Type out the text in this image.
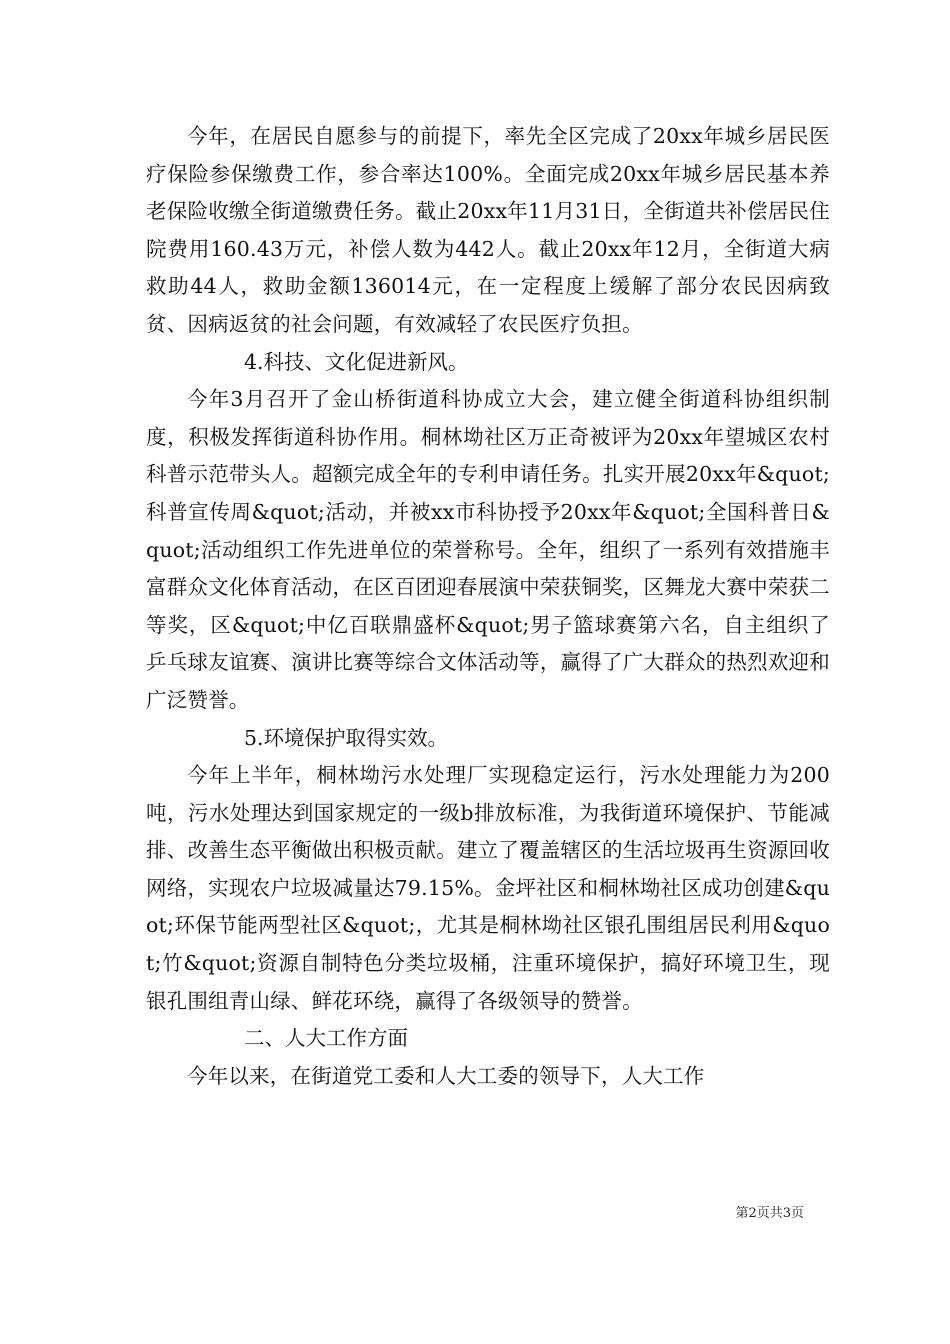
今年，在居民自愿参与的前提下，率先全区完成了20xx年城乡居民医疗保险参保缴费工作，参合率达100%。全面完成20xx年城乡居民基本养老保险收缴全街道缴费任务。截止20xx年11月31日，全街道共补偿居民住院费用160.43万元，补偿人数为442人。截止20xx年12月，全街道大病救助44人，救助金额136014元，在一定程度上缓解了部分农民因病致贫、因病返贫的社会问题，有效减轻了农民医疗负担。

4.科技、文化促进新风。

今年3月召开了金山桥街道科协成立大会，建立健全街道科协组织制度，积极发挥街道科协作用。桐林坳社区万正奇被评为20xx年望城区农村科普示范带头人。超额完成全年的专利申请任务。扎实开展20xx年&quot;科普宣传周&quot;活动，并被xx市科协授予20xx年&quot;全国科普日&quot;活动组织工作先进单位的荣誉称号。全年，组织了一系列有效措施丰富群众文化体育活动，在区百团迎春展演中荣获铜奖，区舞龙大赛中荣获二等奖，区&quot;中亿百联鼎盛杯&quot;男子篮球赛第六名，自主组织了乒乓球友谊赛、演讲比赛等综合文体活动等，赢得了广大群众的热烈欢迎和广泛赞誉。

5.环境保护取得实效。

今年上半年，桐林坳污水处理厂实现稳定运行，污水处理能力为200吨，污水处理达到国家规定的一级b排放标准，为我街道环境保护、节能减排、改善生态平衡做出积极贡献。建立了覆盖辖区的生活垃圾再生资源回收网络，实现农户垃圾减量达79.15%。金坪社区和桐林坳社区成功创建&quot;环保节能两型社区&quot;，尤其是桐林坳社区银孔围组居民利用&quot;竹&quot;资源自制特色分类垃圾桶，注重环境保护，搞好环境卫生，现银孔围组青山绿、鲜花环绕，赢得了各级领导的赞誉。

二、人大工作方面

今年以来，在街道党工委和人大工委的领导下，人大工作

第2页共3页
